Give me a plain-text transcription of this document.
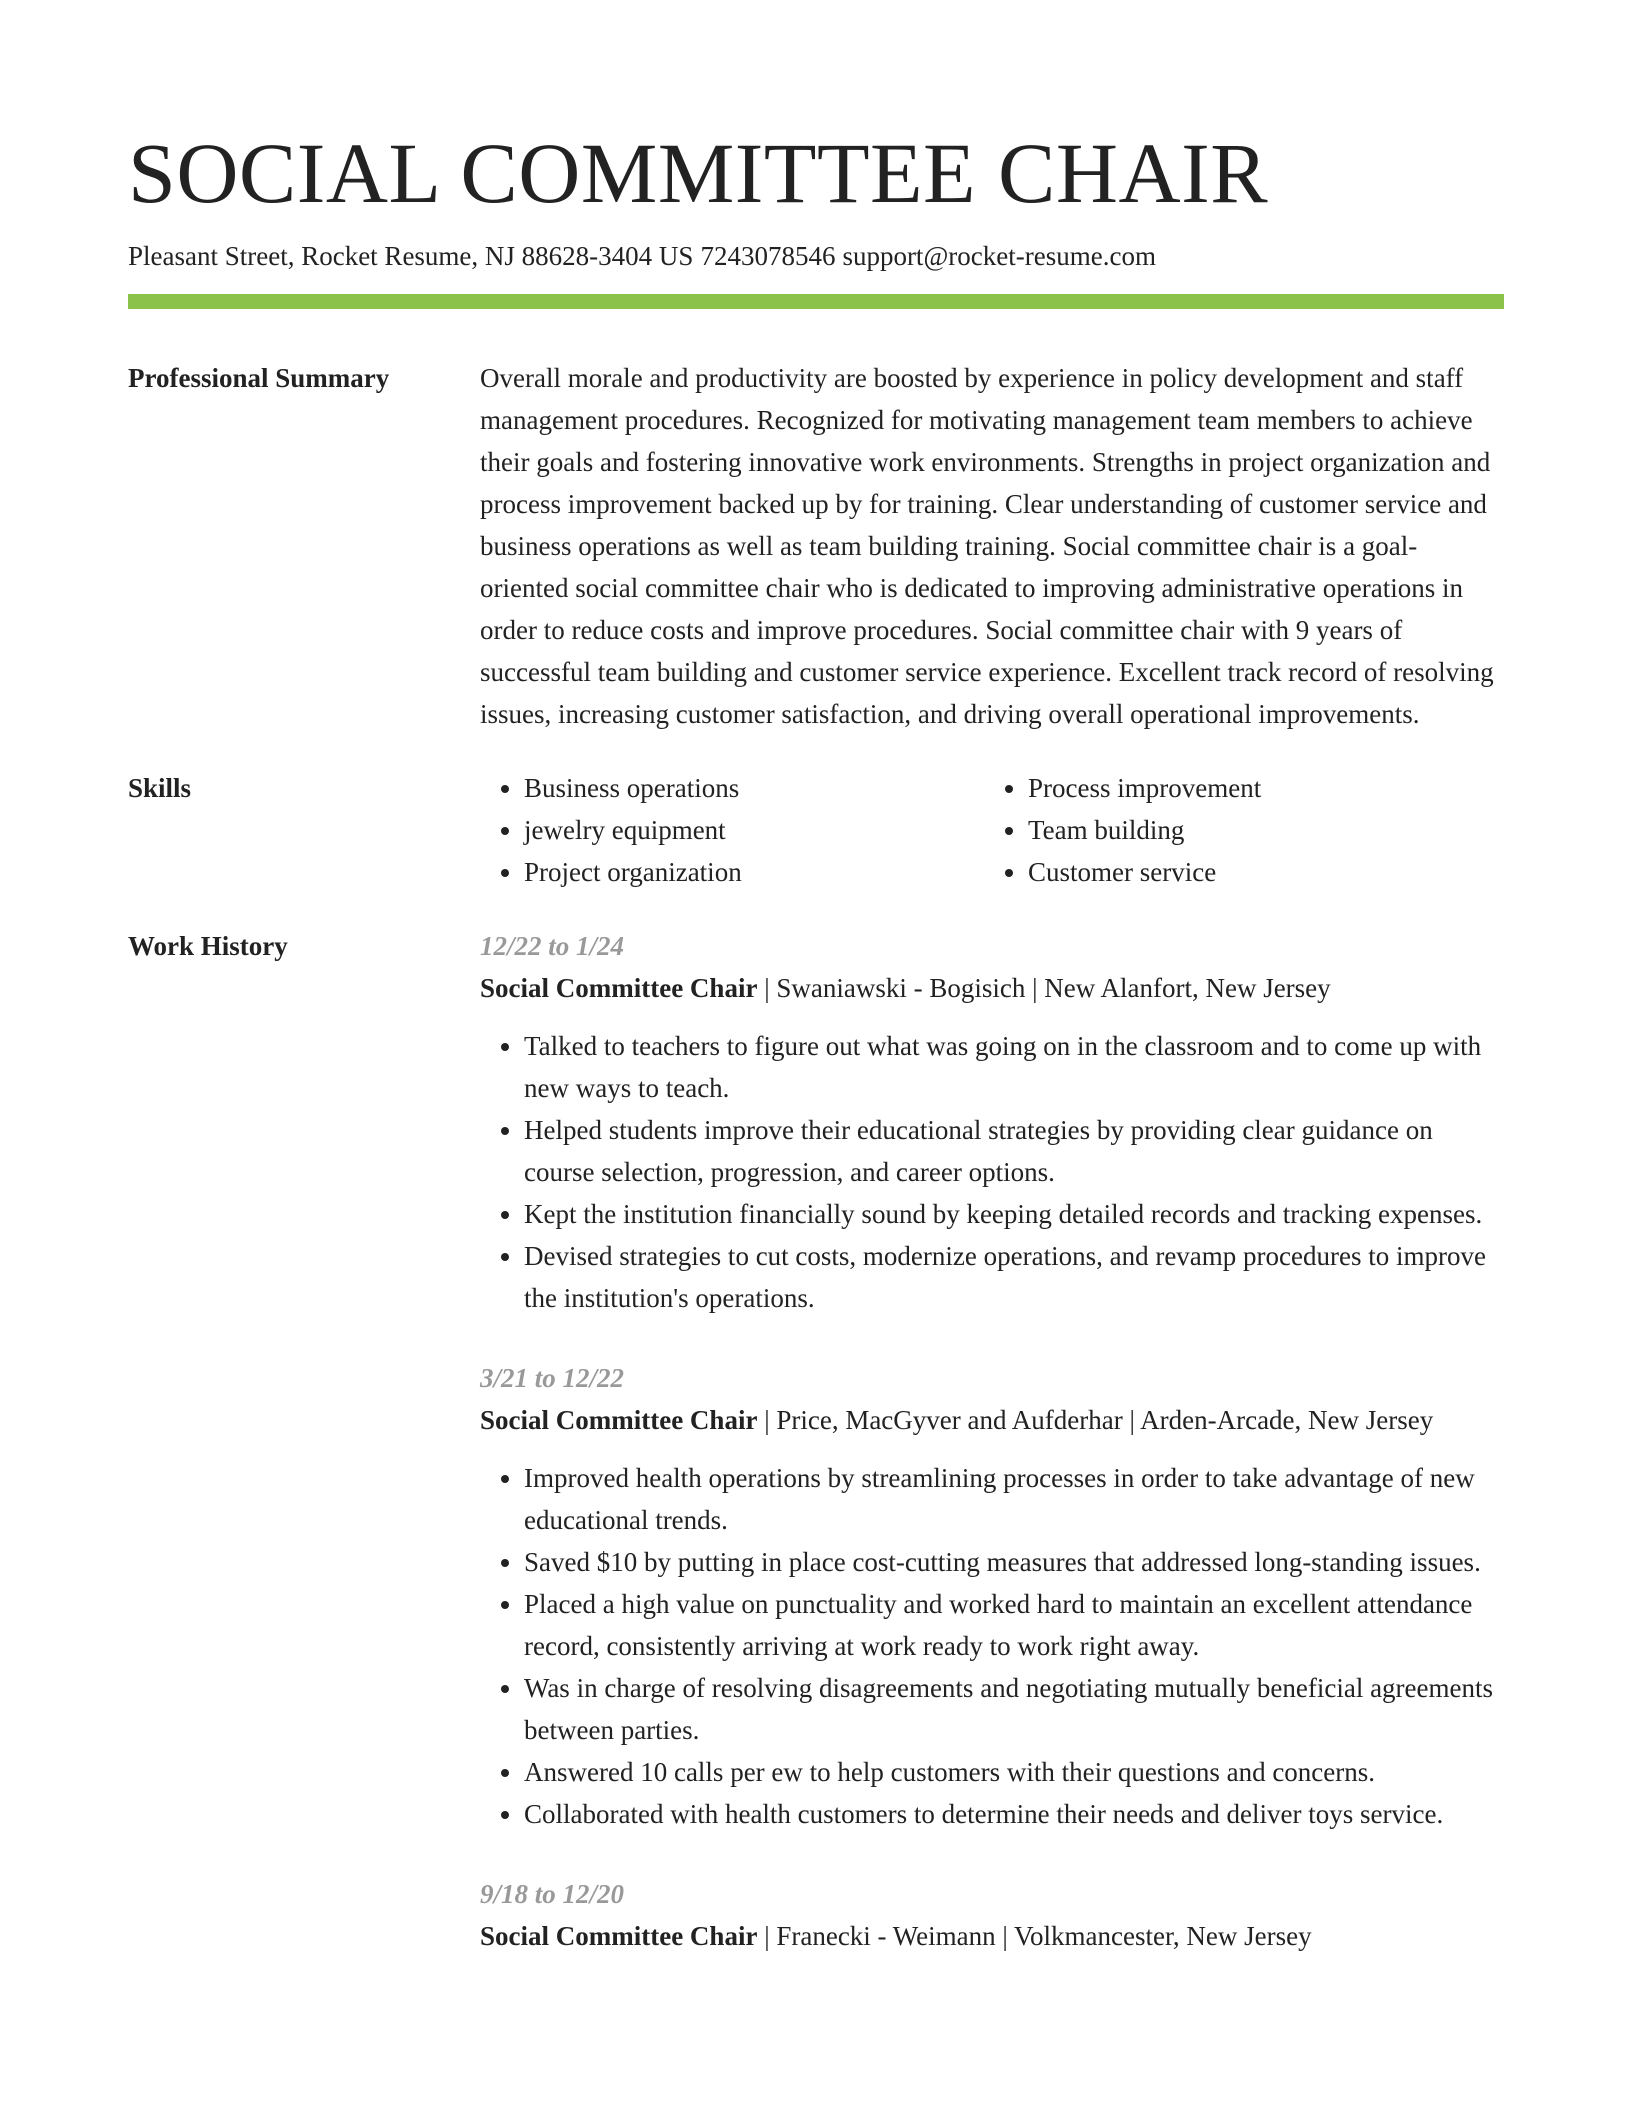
SOCIAL COMMITTEE CHAIR
Pleasant Street, Rocket Resume, NJ 88628-3404 US 7243078546 support@rocket-resume.com
Professional Summary	Overall morale and productivity are boosted by experience in policy development and staff management procedures. Recognized for motivating management team members to achieve their goals and fostering innovative work environments. Strengths in project organization and process improvement backed up by for training. Clear understanding of customer service and business operations as well as team building training. Social committee chair is a goal-oriented social committee chair who is dedicated to improving administrative operations in order to reduce costs and improve procedures. Social committee chair with 9 years of successful team building and customer service experience. Excellent track record of resolving issues, increasing customer satisfaction, and driving overall operational improvements.

Skills
•	Business operations
• jewelry equipment
• Project organization
• Process improvement
• Team building
• Customer service
Work History	12/22 to 1/24
Social Committee Chair | Swaniawski - Bogisich | New Alanfort, New Jersey
• Talked to teachers to figure out what was going on in the classroom and to come up with new ways to teach.
• Helped students improve their educational strategies by providing clear guidance on course selection, progression, and career options.
• Kept the institution financially sound by keeping detailed records and tracking expenses.
• Devised strategies to cut costs, modernize operations, and revamp procedures to improve the institution's operations.
3/21 to 12/22
Social Committee Chair | Price, MacGyver and Aufderhar | Arden-Arcade, New Jersey
• Improved health operations by streamlining processes in order to take advantage of new educational trends.
• Saved $10 by putting in place cost-cutting measures that addressed long-standing issues.
• Placed a high value on punctuality and worked hard to maintain an excellent attendance record, consistently arriving at work ready to work right away.
• Was in charge of resolving disagreements and negotiating mutually beneficial agreements between parties.
• Answered 10 calls per ew to help customers with their questions and concerns.
• Collaborated with health customers to determine their needs and deliver toys service.
9/18 to 12/20
Social Committee Chair | Franecki - Weimann | Volkmancester, New Jersey
